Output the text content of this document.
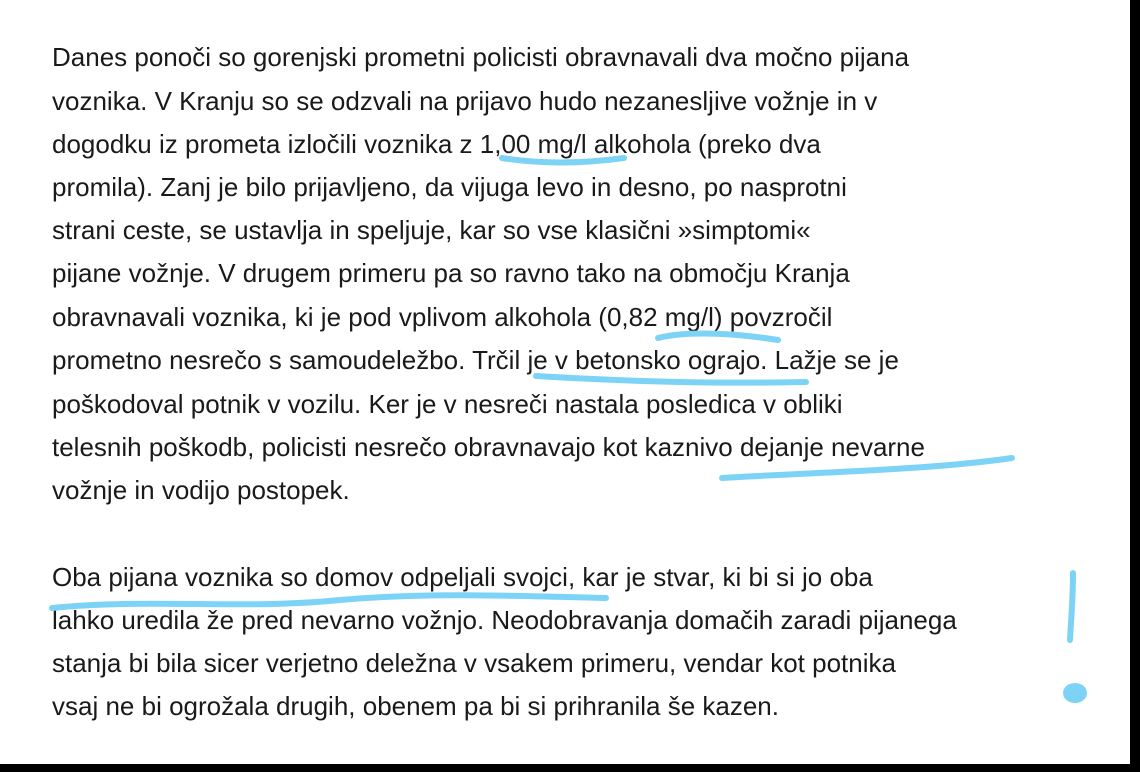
Danes ponoči so gorenjski prometni policisti obravnavali dva močno pijana

voznika. V Kranju so se odzvali na prijavo hudo nezanesljive vožnje in v

dogodku iz prometa izločili voznika z 1,00 mg/l alkohola (preko dva

promila). Zanj je bilo prijavljeno, da vijuga levo in desno, po nasprotni

strani ceste, se ustavlja in speljuje, kar so vse klasični »simptomi«

pijane vožnje. V drugem primeru pa so ravno tako na območju Kranja

obravnavali voznika, ki je pod vplivom alkohola (0,82 mg/l) povzročil

prometno nesrečo s samoudeležbo. Trčil je v betonsko ograjo. Lažje se je

poškodoval potnik v vozilu. Ker je v nesreči nastala posledica v obliki

telesnih poškodb, policisti nesrečo obravnavajo kot kaznivo dejanje nevarne

vožnje in vodijo postopek.

Oba pijana voznika so domov odpeljali svojci, kar je stvar, ki bi si jo oba

lahko uredila že pred nevarno vožnjo. Neodobravanja domačih zaradi pijanega

stanja bi bila sicer verjetno deležna v vsakem primeru, vendar kot potnika

vsaj ne bi ogrožala drugih, obenem pa bi si prihranila še kazen.
